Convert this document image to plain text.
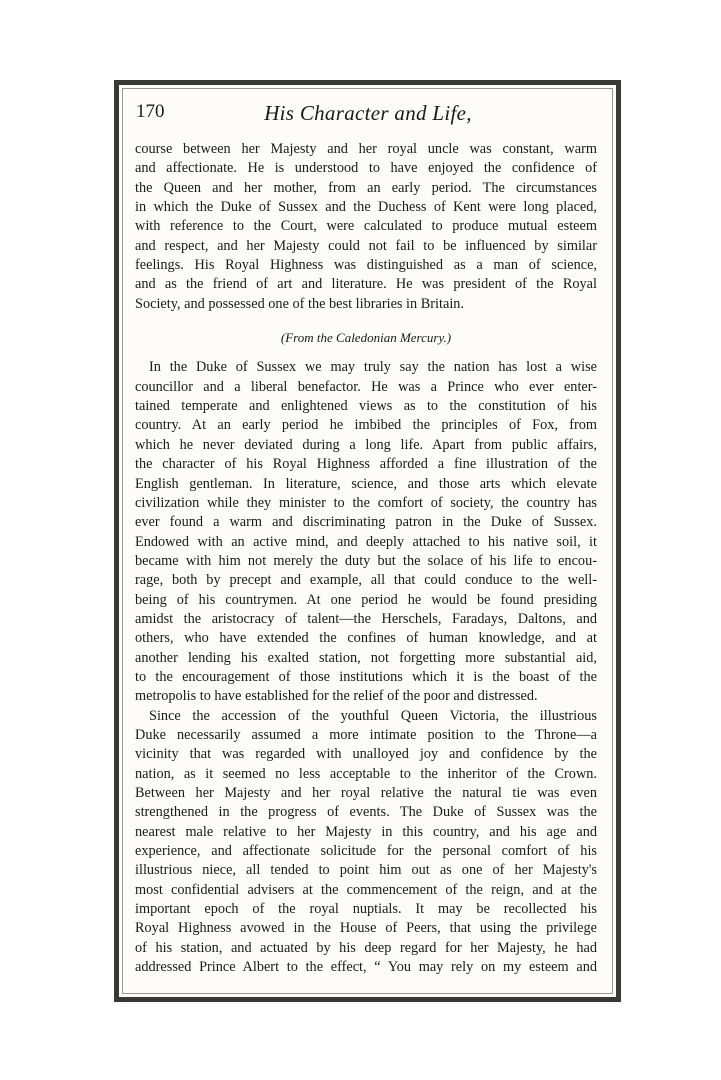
170	His Character and Life,
course between her Majesty and her royal uncle was constant, warm
and affectionate. He is understood to have enjoyed the confidence of
the Queen and her mother, from an early period. The circumstances
in which the Duke of Sussex and the Duchess of Kent were long placed,
with reference to the Court, were calculated to produce mutual esteem
and respect, and her Majesty could not fail to be influenced by similar
feelings. His Royal Highness was distinguished as a man of science,
and as the friend of art and literature. He was president of the Royal
Society, and possessed one of the best libraries in Britain.
(From the Caledonian Mercury.)
In the Duke of Sussex we may truly say the nation has lost a wise
councillor and a liberal benefactor. He was a Prince who ever enter-
tained temperate and enlightened views as to the constitution of his
country. At an early period he imbibed the principles of Fox, from
which he never deviated during a long life. Apart from public affairs,
the character of his Royal Highness afforded a fine illustration of the
English gentleman. In literature, science, and those arts which elevate
civilization while they minister to the comfort of society, the country has
ever found a warm and discriminating patron in the Duke of Sussex.
Endowed with an active mind, and deeply attached to his native soil, it
became with him not merely the duty but the solace of his life to encou-
rage, both by precept and example, all that could conduce to the well-
being of his countrymen. At one period he would be found presiding
amidst the aristocracy of talent—the Herschels, Faradays, Daltons, and
others, who have extended the confines of human knowledge, and at
another lending his exalted station, not forgetting more substantial aid,
to the encouragement of those institutions which it is the boast of the
metropolis to have established for the relief of the poor and distressed.
Since the accession of the youthful Queen Victoria, the illustrious
Duke necessarily assumed a more intimate position to the Throne—a
vicinity that was regarded with unalloyed joy and confidence by the
nation, as it seemed no less acceptable to the inheritor of the Crown.
Between her Majesty and her royal relative the natural tie was even
strengthened in the progress of events. The Duke of Sussex was the
nearest male relative to her Majesty in this country, and his age and
experience, and affectionate solicitude for the personal comfort of his
illustrious niece, all tended to point him out as one of her Majesty's
most confidential advisers at the commencement of the reign, and at the
important epoch of the royal nuptials. It may be recollected his
Royal Highness avowed in the House of Peers, that using the privilege
of his station, and actuated by his deep regard for her Majesty, he had
addressed Prince Albert to the effect, “ You may rely on my esteem and
